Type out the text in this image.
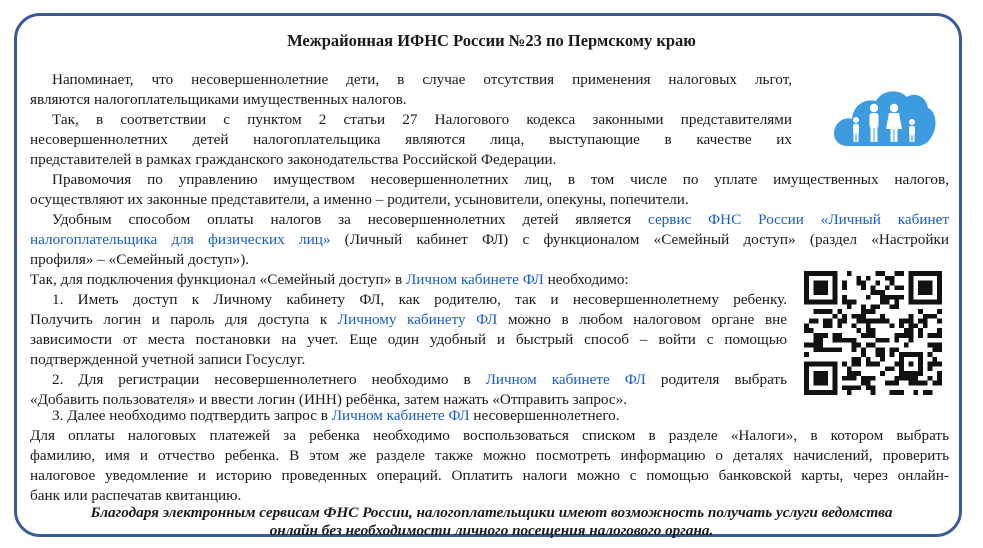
Межрайонная ИФНС России №23 по Пермскому краю
Напоминает, что несовершеннолетние дети, в случае отсутствия применения налоговых льгот,
являются налогоплательщиками имущественных налогов.
Так, в соответствии с пунктом 2 статьи 27 Налогового кодекса законными представителями
несовершеннолетних детей налогоплательщика являются лица, выступающие в качестве их
представителей в рамках гражданского законодательства Российской Федерации.
Правомочия по управлению имуществом несовершеннолетних лиц, в том числе по уплате имущественных налогов,
осуществляют их законные представители, а именно – родители, усыновители, опекуны, попечители.
Удобным способом оплаты налогов за несовершеннолетних детей является сервис ФНС России «Личный кабинет
налогоплательщика для физических лиц» (Личный кабинет ФЛ) с функционалом «Семейный доступ» (раздел «Настройки
профиля» – «Семейный доступ»).
Так, для подключения функционал «Семейный доступ» в Личном кабинете ФЛ необходимо:
1. Иметь доступ к Личному кабинету ФЛ, как родителю, так и несовершеннолетнему ребенку.
Получить логин и пароль для доступа к Личному кабинету ФЛ можно в любом налоговом органе вне
зависимости от места постановки на учет. Еще один удобный и быстрый способ – войти с помощью
подтвержденной учетной записи Госуслуг.
2. Для регистрации несовершеннолетнего необходимо в Личном кабинете ФЛ родителя выбрать
«Добавить пользователя» и ввести логин (ИНН) ребёнка, затем нажать «Отправить запрос».
3. Далее необходимо подтвердить запрос в Личном кабинете ФЛ несовершеннолетнего.
Для оплаты налоговых платежей за ребенка необходимо воспользоваться списком в разделе «Налоги», в котором выбрать
фамилию, имя и отчество ребенка. В этом же разделе также можно посмотреть информацию о деталях начислений, проверить
налоговое уведомление и историю проведенных операций. Оплатить налоги можно с помощью банковской карты, через онлайн-
банк или распечатав квитанцию.
Благодаря электронным сервисам ФНС России, налогоплательщики имеют возможность получать услуги ведомства
онлайн без необходимости личного посещения налогового органа.
